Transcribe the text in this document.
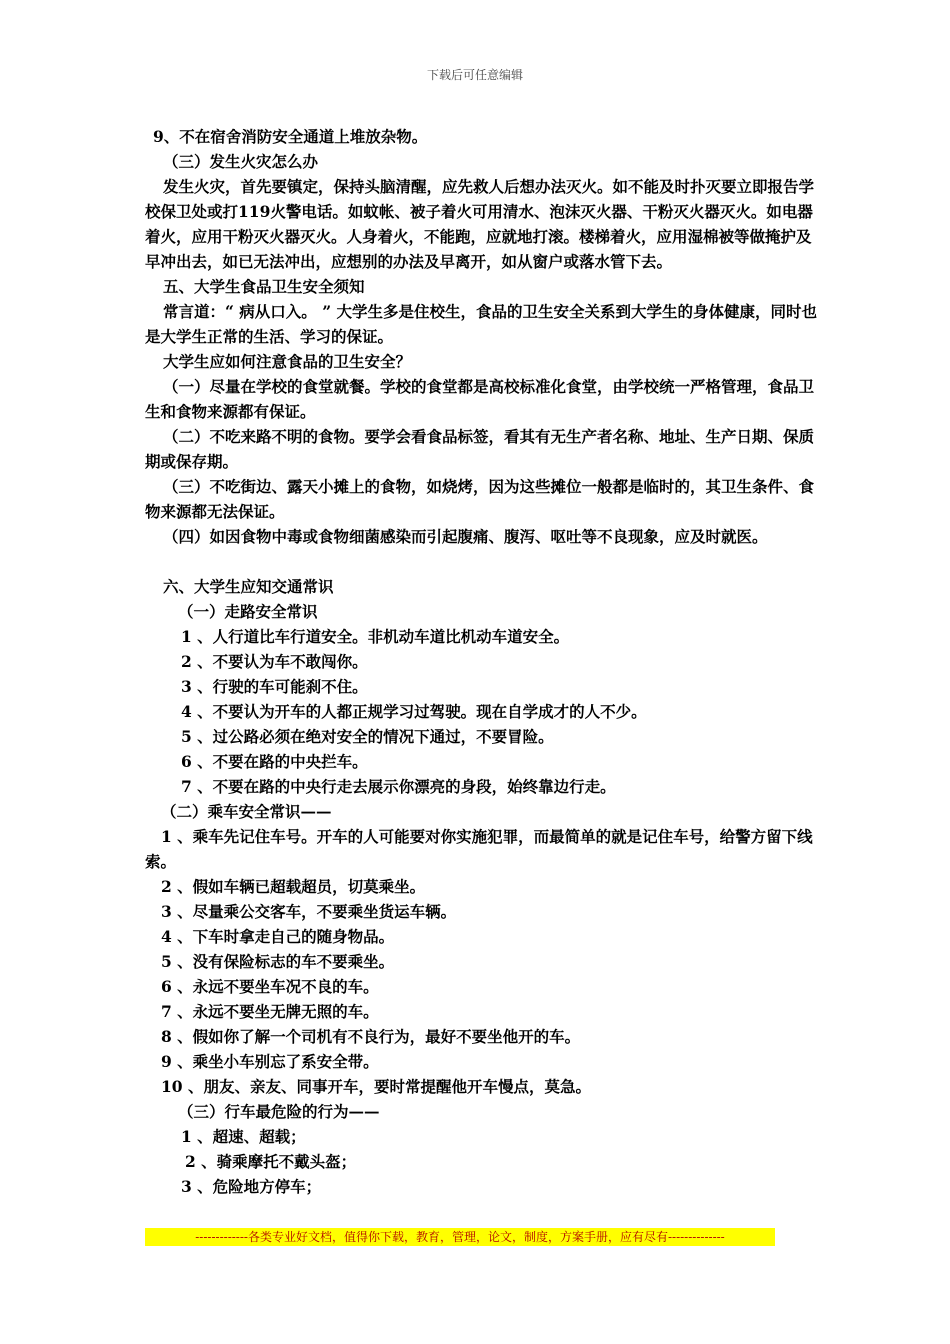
下载后可任意编辑
9、不在宿舍消防安全通道上堆放杂物。
（三）发生火灾怎么办
发生火灾，首先要镇定，保持头脑清醒，应先救人后想办法灭火。如不能及时扑灭要立即报告学校保卫处或打119火警电话。如蚊帐、被子着火可用清水、泡沫灭火器、干粉灭火器灭火。如电器着火，应用干粉灭火器灭火。人身着火，不能跑，应就地打滚。楼梯着火，应用湿棉被等做掩护及早冲出去，如已无法冲出，应想别的办法及早离开，如从窗户或落水管下去。
五、大学生食品卫生安全须知
常言道：“ 病从口入。 ” 大学生多是住校生，食品的卫生安全关系到大学生的身体健康，同时也是大学生正常的生活、学习的保证。
大学生应如何注意食品的卫生安全？
（一）尽量在学校的食堂就餐。学校的食堂都是高校标准化食堂，由学校统一严格管理，食品卫生和食物来源都有保证。
（二）不吃来路不明的食物。要学会看食品标签，看其有无生产者名称、地址、生产日期、保质期或保存期。
（三）不吃街边、露天小摊上的食物，如烧烤，因为这些摊位一般都是临时的，其卫生条件、食物来源都无法保证。
（四）如因食物中毒或食物细菌感染而引起腹痛、腹泻、呕吐等不良现象，应及时就医。
六、大学生应知交通常识
（一）走路安全常识
1 、人行道比车行道安全。非机动车道比机动车道安全。
2 、不要认为车不敢闯你。
3 、行驶的车可能刹不住。
4 、不要认为开车的人都正规学习过驾驶。现在自学成才的人不少。
5 、过公路必须在绝对安全的情况下通过，不要冒险。
6 、不要在路的中央拦车。
7 、不要在路的中央行走去展示你漂亮的身段，始终靠边行走。
（二）乘车安全常识——
1 、乘车先记住车号。开车的人可能要对你实施犯罪，而最简单的就是记住车号，给警方留下线索。
2 、假如车辆已超载超员，切莫乘坐。
3 、尽量乘公交客车，不要乘坐货运车辆。
4 、下车时拿走自己的随身物品。
5 、没有保险标志的车不要乘坐。
6 、永远不要坐车况不良的车。
7 、永远不要坐无牌无照的车。
8 、假如你了解一个司机有不良行为，最好不要坐他开的车。
9 、乘坐小车别忘了系安全带。
10 、朋友、亲友、同事开车，要时常提醒他开车慢点，莫急。
（三）行车最危险的行为——
1 、超速、超载；
2 、骑乘摩托不戴头盔；
3 、危险地方停车；
-------------各类专业好文档，值得你下载，教育，管理，论文，制度，方案手册，应有尽有--------------
